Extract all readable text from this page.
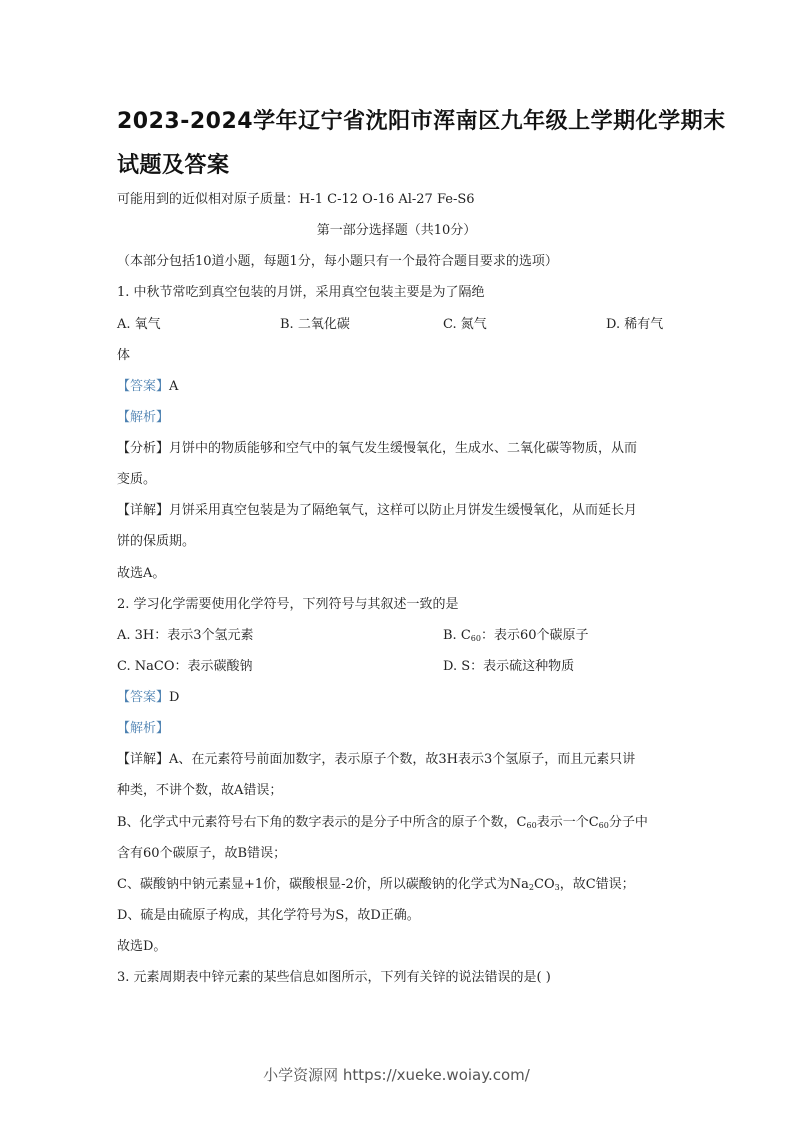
2023-2024学年辽宁省沈阳市浑南区九年级上学期化学期末
试题及答案
可能用到的近似相对原子质量：H-1 C-12 O-16 Al-27 Fe-S6
第一部分选择题（共10分）
（本部分包括10道小题，每题1分，每小题只有一个最符合题目要求的选项）
1. 中秋节常吃到真空包装的月饼，采用真空包装主要是为了隔绝
A. 氧气	B. 二氧化碳	C. 氮气	D. 稀有气
体
【答案】A
【解析】
【分析】月饼中的物质能够和空气中的氧气发生缓慢氧化，生成水、二氧化碳等物质，从而
变质。
【详解】月饼采用真空包装是为了隔绝氧气，这样可以防止月饼发生缓慢氧化，从而延长月
饼的保质期。
故选A。
2. 学习化学需要使用化学符号，下列符号与其叙述一致的是
A. 3H：表示3个氢元素	B. $C_{60}$：表示60个碳原子
C. NaCO：表示碳酸钠	D. S：表示硫这种物质
【答案】D
【解析】
【详解】A、在元素符号前面加数字，表示原子个数，故3H表示3个氢原子，而且元素只讲
种类，不讲个数，故A错误；
B、化学式中元素符号右下角的数字表示的是分子中所含的原子个数，$C_{60}$表示一个$C_{60}$分子中
含有60个碳原子，故B错误；
C、碳酸钠中钠元素显+1价，碳酸根显-2价，所以碳酸钠的化学式为$Na_2CO_3$，故C错误；
D、硫是由硫原子构成，其化学符号为S，故D正确。
故选D。
3. 元素周期表中锌元素的某些信息如图所示，下列有关锌的说法错误的是( )
小学资源网 https://xueke.woiay.com/
